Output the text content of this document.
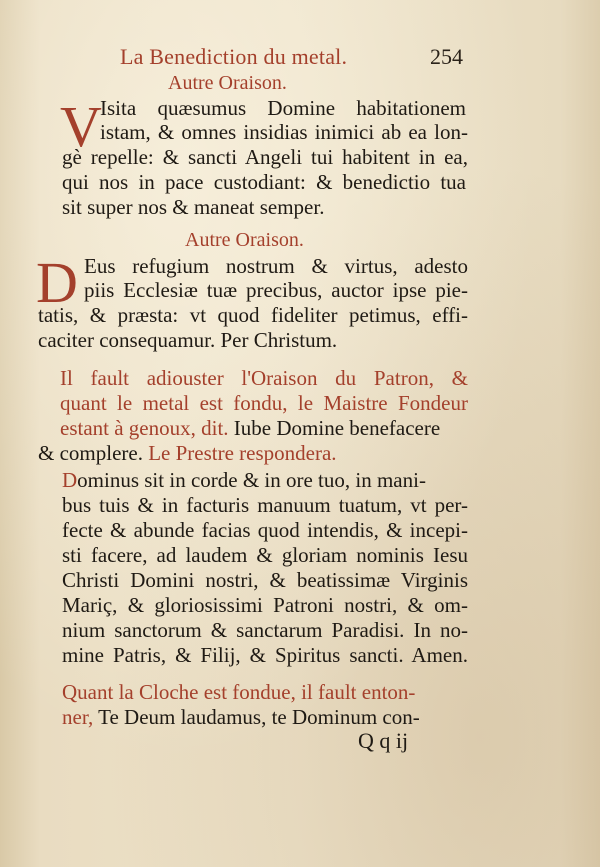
La Benediction du metal.	254
Autre Oraison.
V
Isita quæsumus Domine habitationem
istam, & omnes insidias inimici ab ea lon-
gè repelle: & sancti Angeli tui habitent in ea,
qui nos in pace custodiant: & benedictio tua
sit super nos & maneat semper.
Autre Oraison.
D Eus refugium nostrum & virtus, adesto
piis Ecclesiæ tuæ precibus, auctor ipse pie-
tatis, & præsta: vt quod fideliter petimus, effi-
caciter consequamur. Per Christum.
Il fault adiouster l'Oraison du Patron, &
quant le metal est fondu, le Maistre Fondeur
estant à genoux, dit. Iube Domine benefacere
& complere. Le Prestre respondera.
Dominus sit in corde & in ore tuo, in mani-
bus tuis & in facturis manuum tuatum, vt per-
fecte & abunde facias quod intendis, & incepi-
sti facere, ad laudem & gloriam nominis Iesu
Christi Domini nostri, & beatissimæ Virginis
Mariç, & gloriosissimi Patroni nostri, & om-
nium sanctorum & sanctarum Paradisi. In no-
mine Patris, & Filij, & Spiritus sancti. Amen.
Quant la Cloche est fondue, il fault enton-
ner, Te Deum laudamus, te Dominum con-
Q q ij
